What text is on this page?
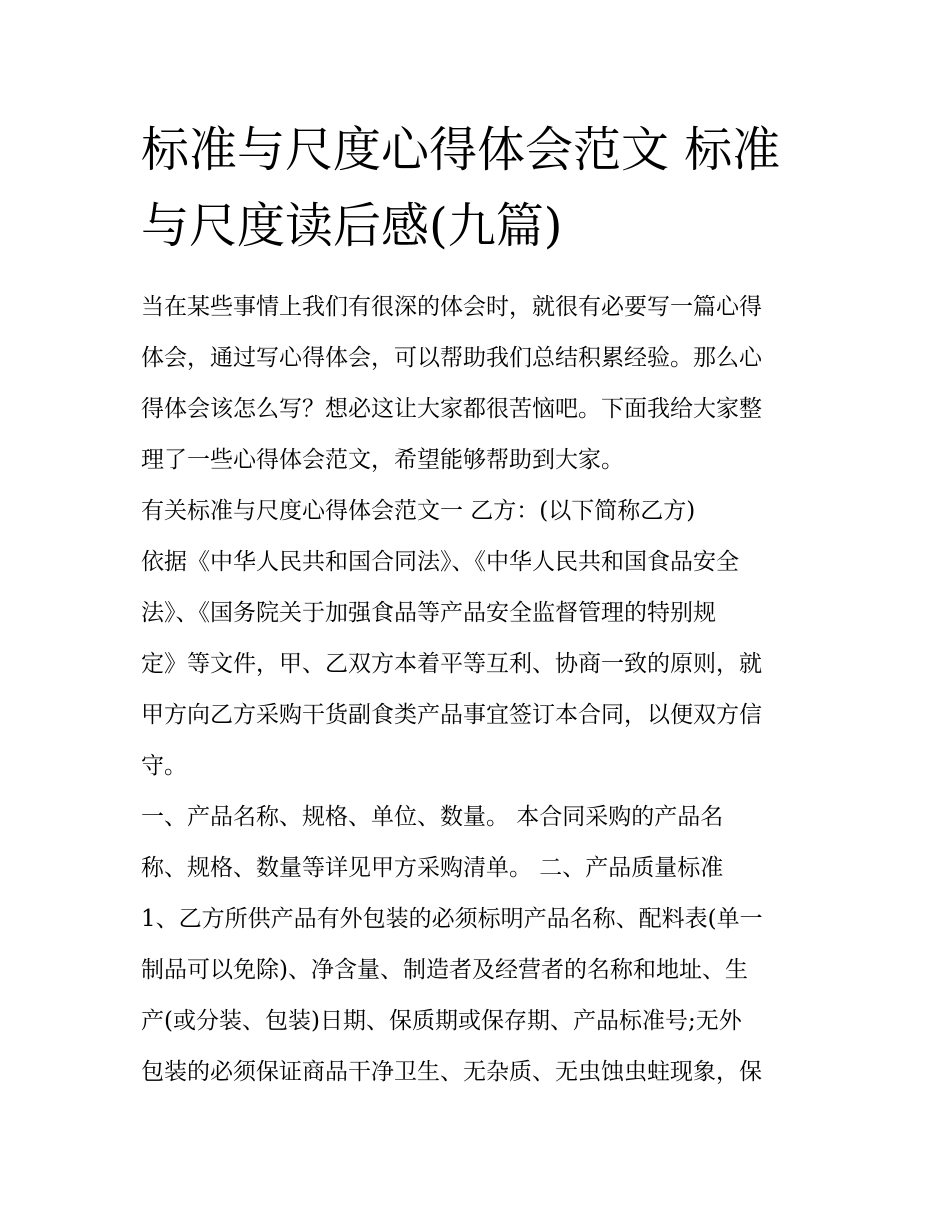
标准与尺度心得体会范文 标准
与尺度读后感(九篇)

当在某些事情上我们有很深的体会时，就很有必要写一篇心得

体会，通过写心得体会，可以帮助我们总结积累经验。那么心

得体会该怎么写？想必这让大家都很苦恼吧。下面我给大家整

理了一些心得体会范文，希望能够帮助到大家。

有关标准与尺度心得体会范文一 乙方：(以下简称乙方)

依据《中华人民共和国合同法》、《中华人民共和国食品安全

法》、《国务院关于加强食品等产品安全监督管理的特别规

定》等文件，甲、乙双方本着平等互利、协商一致的原则，就

甲方向乙方采购干货副食类产品事宜签订本合同，以便双方信

守。

一、产品名称、规格、单位、数量。 本合同采购的产品名

称、规格、数量等详见甲方采购清单。 二、产品质量标准

1、乙方所供产品有外包装的必须标明产品名称、配料表(单一

制品可以免除)、净含量、制造者及经营者的名称和地址、生

产(或分装、包装)日期、保质期或保存期、产品标准号;无外

包装的必须保证商品干净卫生、无杂质、无虫蚀虫蛀现象，保
